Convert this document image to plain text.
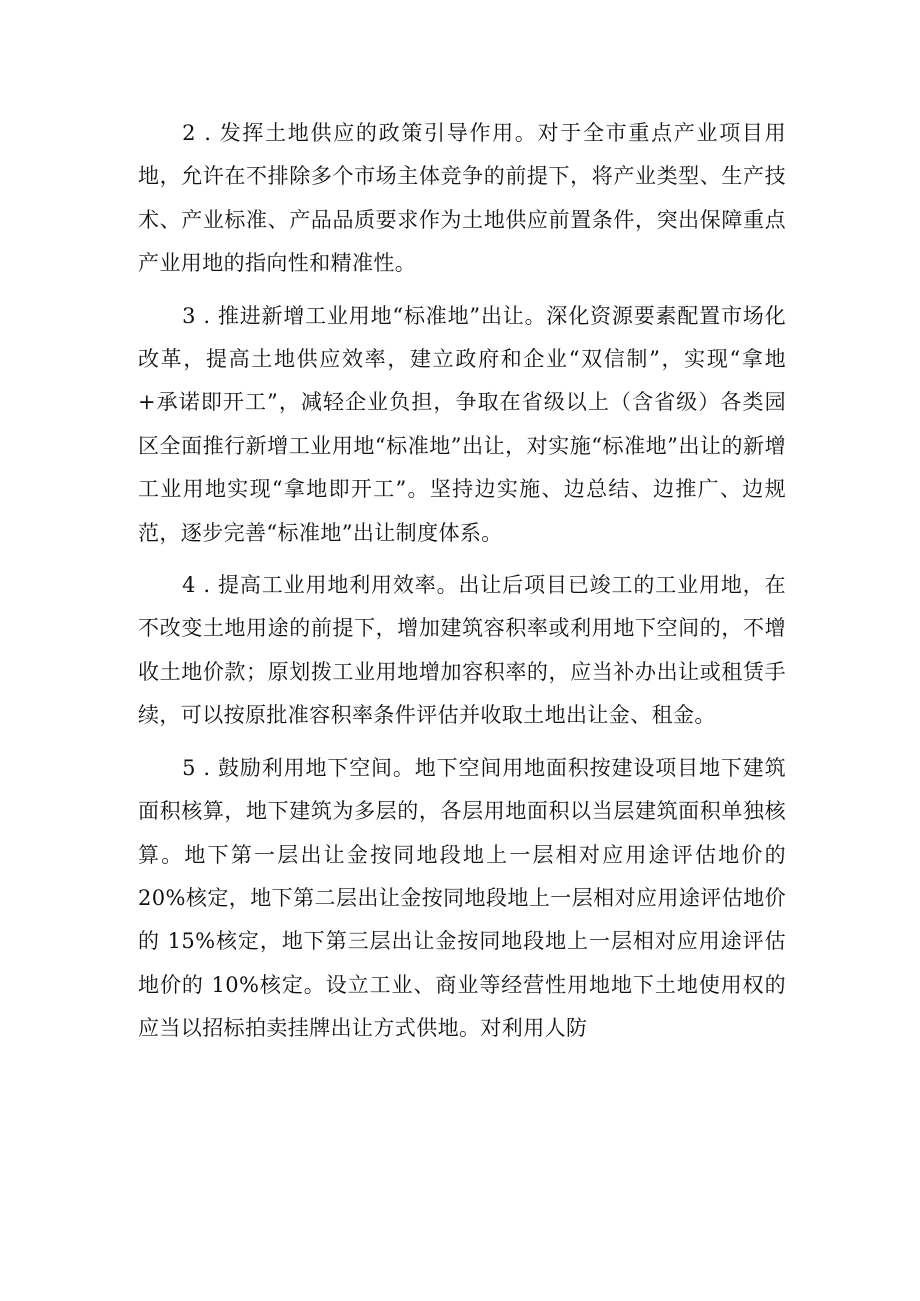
2 . 发挥土地供应的政策引导作用。对于全市重点产业项目用地，允许在不排除多个市场主体竞争的前提下，将产业类型、生产技术、产业标准、产品品质要求作为土地供应前置条件，突出保障重点产业用地的指向性和精准性。

3 . 推进新增工业用地“标准地”出让。深化资源要素配置市场化改革，提高土地供应效率，建立政府和企业“双信制”，实现“拿地+承诺即开工”，减轻企业负担，争取在省级以上（含省级）各类园区全面推行新增工业用地“标准地”出让，对实施“标准地”出让的新增工业用地实现“拿地即开工”。坚持边实施、边总结、边推广、边规范，逐步完善“标准地”出让制度体系。

4 . 提高工业用地利用效率。出让后项目已竣工的工业用地，在不改变土地用途的前提下，增加建筑容积率或利用地下空间的，不增收土地价款；原划拨工业用地增加容积率的，应当补办出让或租赁手续，可以按原批准容积率条件评估并收取土地出让金、租金。

5 . 鼓励利用地下空间。地下空间用地面积按建设项目地下建筑面积核算，地下建筑为多层的，各层用地面积以当层建筑面积单独核算。地下第一层出让金按同地段地上一层相对应用途评估地价的 20%核定，地下第二层出让金按同地段地上一层相对应用途评估地价的 15%核定，地下第三层出让金按同地段地上一层相对应用途评估地价的 10%核定。设立工业、商业等经营性用地地下土地使用权的应当以招标拍卖挂牌出让方式供地。对利用人防
